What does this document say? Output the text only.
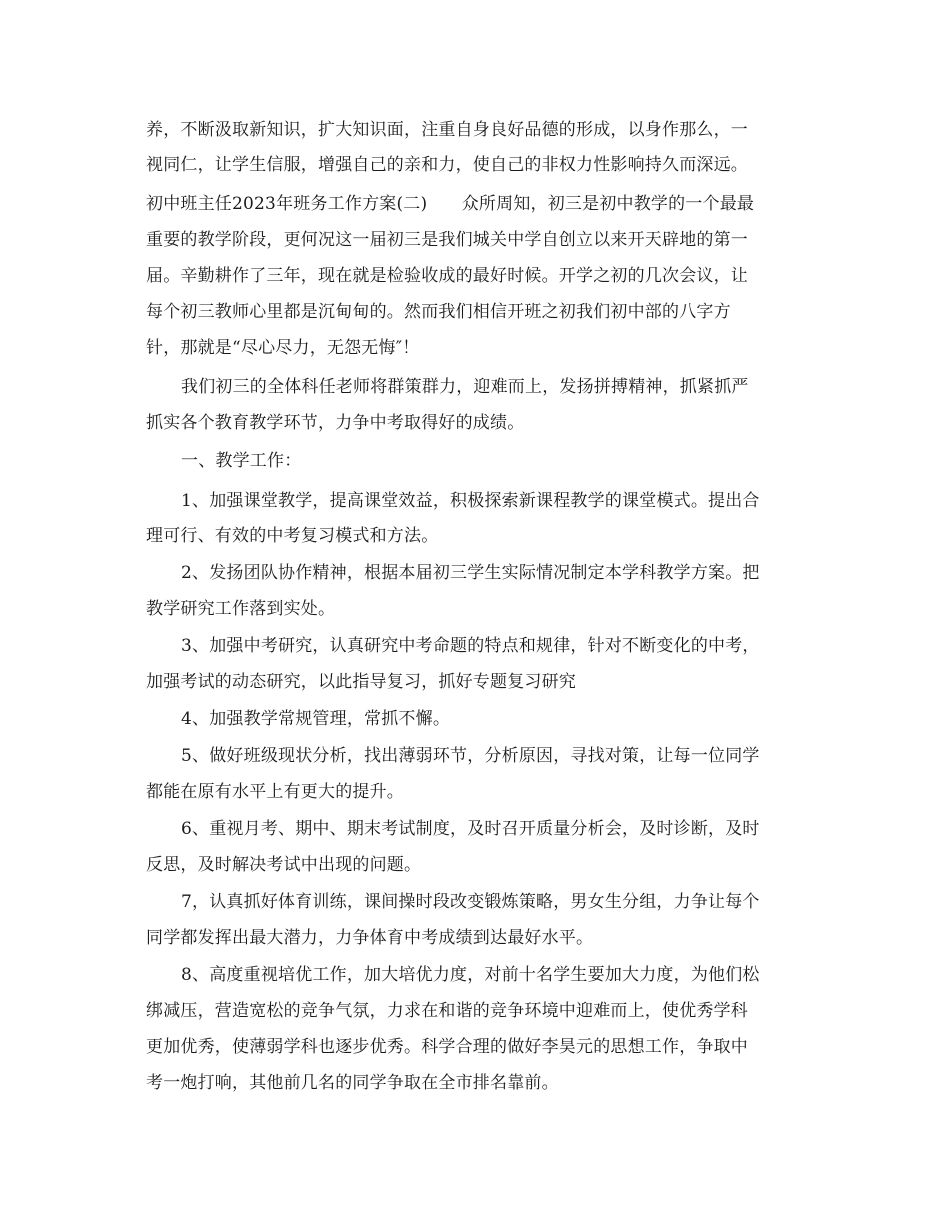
养，不断汲取新知识，扩大知识面，注重自身良好品德的形成，以身作那么，一

视同仁，让学生信服，增强自己的亲和力，使自己的非权力性影响持久而深远。

初中班主任2023年班务工作方案(二)　　众所周知，初三是初中教学的一个最最

重要的教学阶段，更何况这一届初三是我们城关中学自创立以来开天辟地的第一

届。辛勤耕作了三年，现在就是检验收成的最好时候。开学之初的几次会议，让

每个初三教师心里都是沉甸甸的。然而我们相信开班之初我们初中部的八字方

针，那就是“尽心尽力，无怨无悔″！

我们初三的全体科任老师将群策群力，迎难而上，发扬拼搏精神，抓紧抓严

抓实各个教育教学环节，力争中考取得好的成绩。

一、教学工作：

1、加强课堂教学，提高课堂效益，积极探索新课程教学的课堂模式。提出合

理可行、有效的中考复习模式和方法。

2、发扬团队协作精神，根据本届初三学生实际情况制定本学科教学方案。把

教学研究工作落到实处。

3、加强中考研究，认真研究中考命题的特点和规律，针对不断变化的中考，

加强考试的动态研究，以此指导复习，抓好专题复习研究

4、加强教学常规管理，常抓不懈。

5、做好班级现状分析，找出薄弱环节，分析原因，寻找对策，让每一位同学

都能在原有水平上有更大的提升。

6、重视月考、期中、期末考试制度，及时召开质量分析会，及时诊断，及时

反思，及时解决考试中出现的问题。

7，认真抓好体育训练，课间操时段改变锻炼策略，男女生分组，力争让每个

同学都发挥出最大潜力，力争体育中考成绩到达最好水平。

8、高度重视培优工作，加大培优力度，对前十名学生要加大力度，为他们松

绑减压，营造宽松的竞争气氛，力求在和谐的竞争环境中迎难而上，使优秀学科

更加优秀，使薄弱学科也逐步优秀。科学合理的做好李昊元的思想工作，争取中

考一炮打响，其他前几名的同学争取在全市排名靠前。
